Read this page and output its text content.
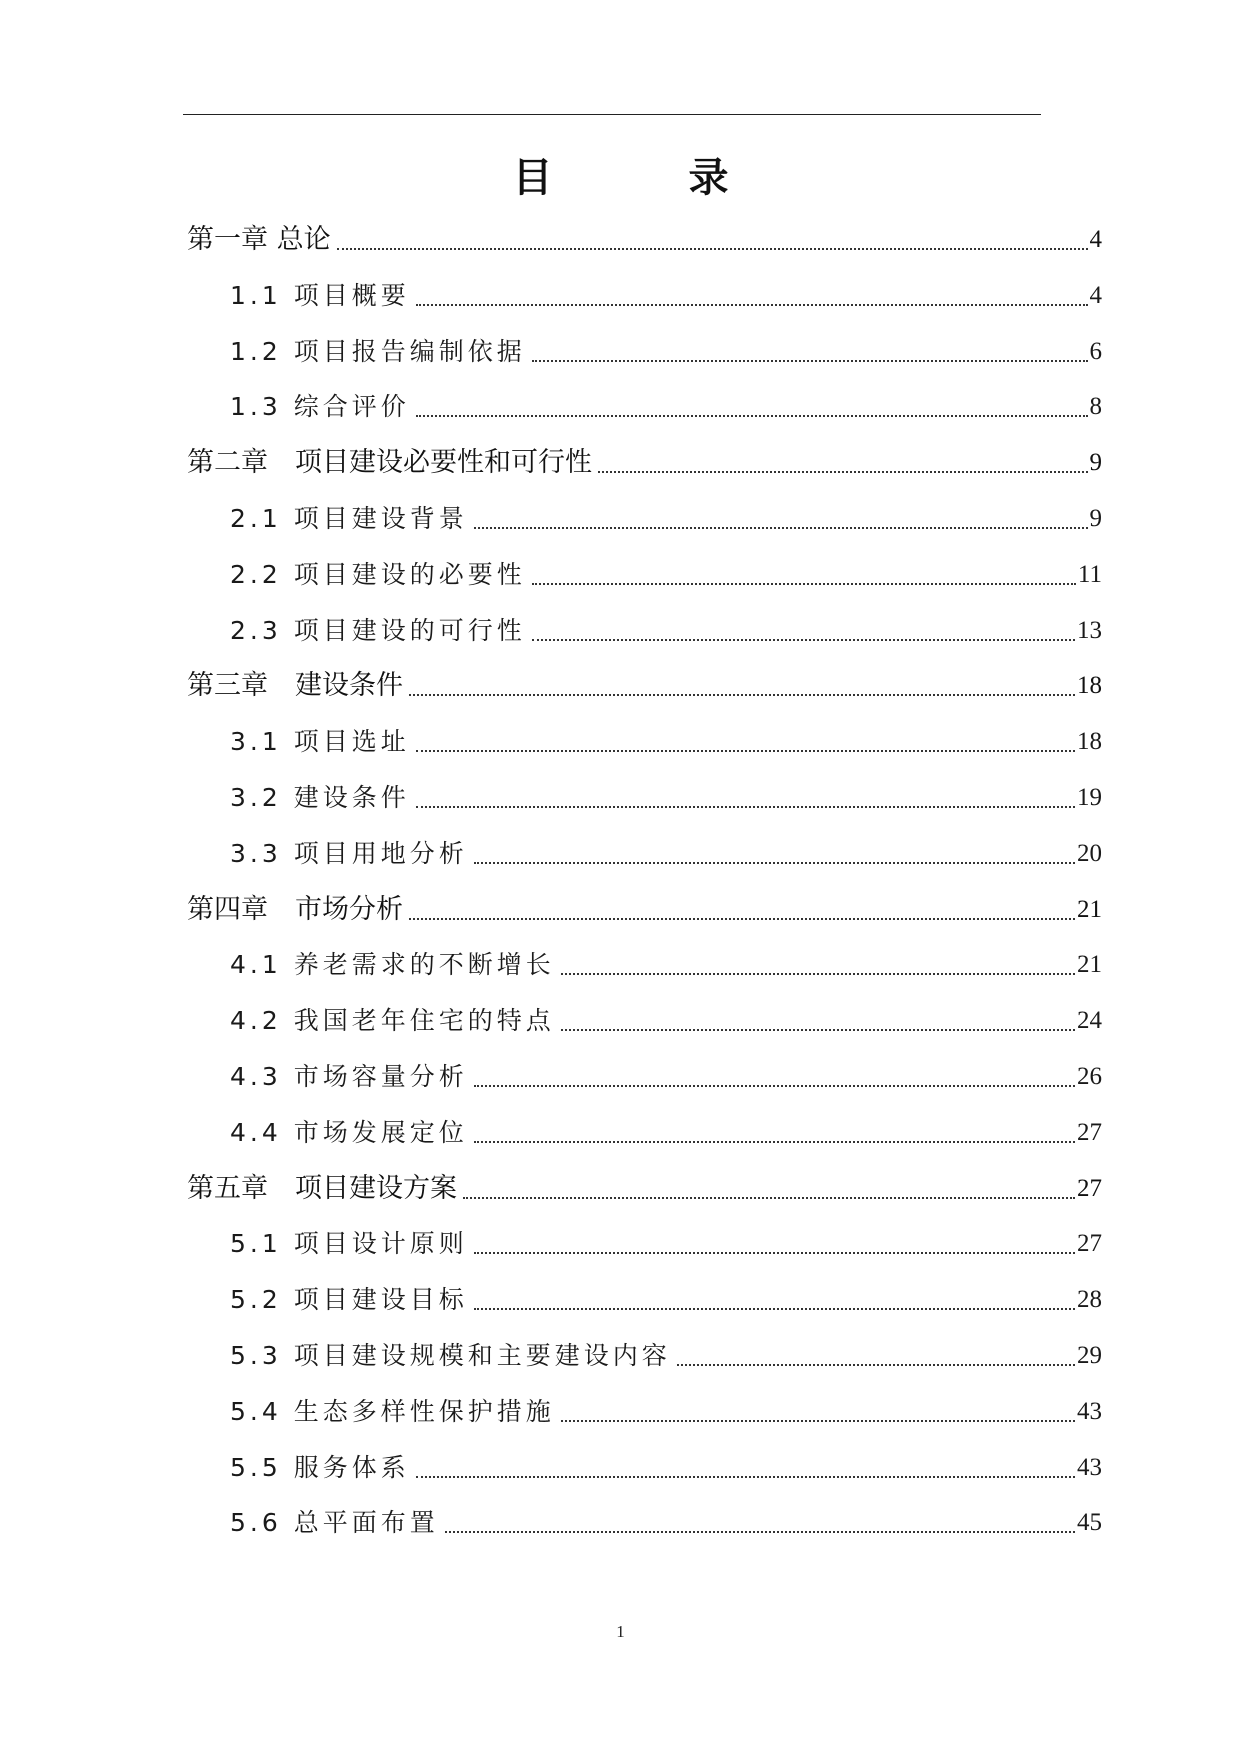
目　录
第一章 总论	4
1.1 项目概要	4
1.2 项目报告编制依据	6
1.3 综合评价	8
第二章　项目建设必要性和可行性	9
2.1 项目建设背景	9
2.2 项目建设的必要性	11
2.3 项目建设的可行性	13
第三章　建设条件	18
3.1 项目选址	18
3.2 建设条件	19
3.3 项目用地分析	20
第四章　市场分析	21
4.1 养老需求的不断增长	21
4.2 我国老年住宅的特点	24
4.3 市场容量分析	26
4.4 市场发展定位	27
第五章　项目建设方案	27
5.1 项目设计原则	27
5.2 项目建设目标	28
5.3 项目建设规模和主要建设内容	29
5.4 生态多样性保护措施	43
5.5 服务体系	43
5.6 总平面布置	45
1
